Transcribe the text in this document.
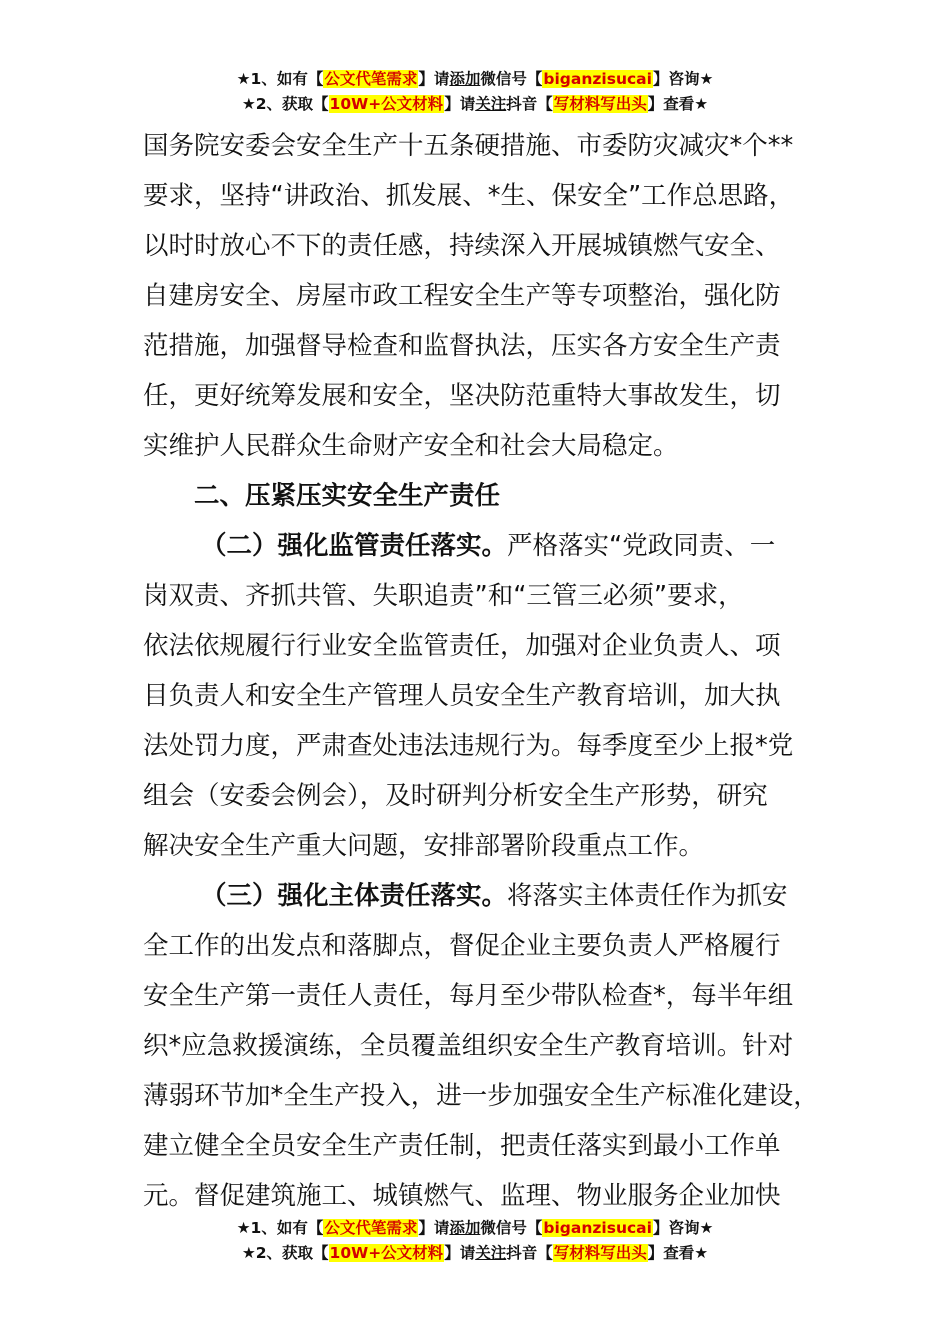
★1、如有【公文代笔需求】请添加微信号【biganzisucai】咨询★
★2、获取【10W+公文材料】请关注抖音【写材料写出头】查看★
国务院安委会安全生产十五条硬措施、市委防灾减灾*个**
要求，坚持“讲政治、抓发展、*生、保安全”工作总思路，
以时时放心不下的责任感，持续深入开展城镇燃气安全、
自建房安全、房屋市政工程安全生产等专项整治，强化防
范措施，加强督导检查和监督执法，压实各方安全生产责
任，更好统筹发展和安全，坚决防范重特大事故发生，切
实维护人民群众生命财产安全和社会大局稳定。
二、压紧压实安全生产责任
（二）强化监管责任落实。严格落实“党政同责、一
岗双责、齐抓共管、失职追责”和“三管三必须”要求，
依法依规履行行业安全监管责任，加强对企业负责人、项
目负责人和安全生产管理人员安全生产教育培训，加大执
法处罚力度，严肃查处违法违规行为。每季度至少上报*党
组会（安委会例会），及时研判分析安全生产形势，研究
解决安全生产重大问题，安排部署阶段重点工作。
（三）强化主体责任落实。将落实主体责任作为抓安
全工作的出发点和落脚点，督促企业主要负责人严格履行
安全生产第一责任人责任，每月至少带队检查*，每半年组
织*应急救援演练，全员覆盖组织安全生产教育培训。针对
薄弱环节加*全生产投入，进一步加强安全生产标准化建设，
建立健全全员安全生产责任制，把责任落实到最小工作单
元。督促建筑施工、城镇燃气、监理、物业服务企业加快
★1、如有【公文代笔需求】请添加微信号【biganzisucai】咨询★
★2、获取【10W+公文材料】请关注抖音【写材料写出头】查看★
